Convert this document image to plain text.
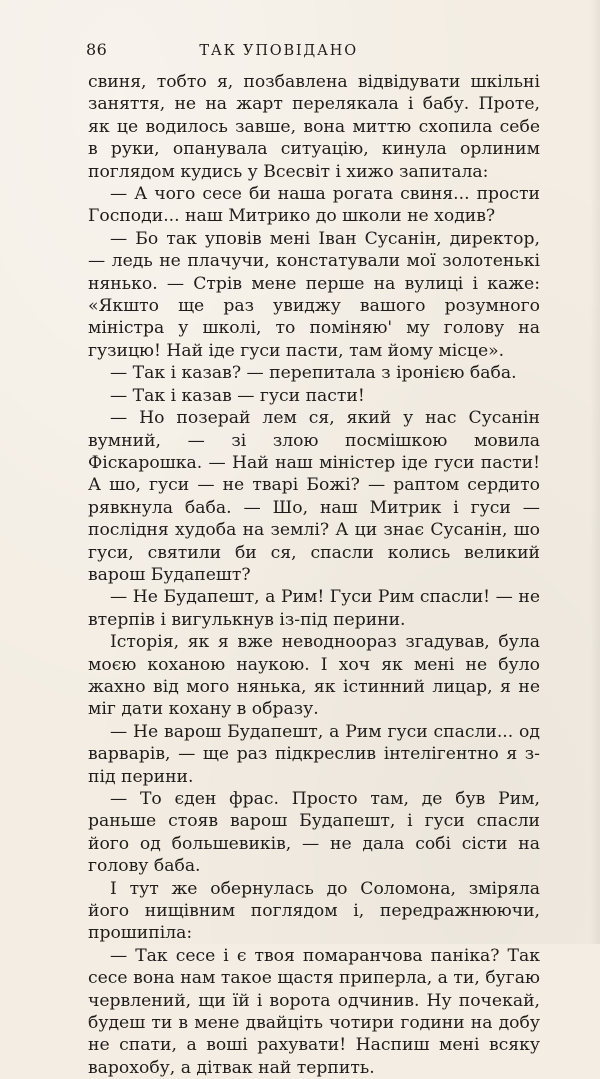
86	ТАК УПОВІДАНО

свиня, тобто я, позбавлена відвідувати шкільні заняття, не на жарт перелякала і бабу. Проте, як це водилось завше, вона миттю схопила себе в руки, опанувала ситуацію, кинула орлиним поглядом кудись у Всесвіт і хижо запитала:

— А чого сесе би наша рогата свиня... прости Господи... наш Митрико до школи не ходив?

— Бо так уповів мені Іван Сусанін, директор, — ледь не плачучи, констатували мої золотенькі нянько. — Стрів мене перше на вулиці і каже: «Якшто ще раз увиджу вашого розумного міністра у школі, то поміняю' му голову на гузицю! Най іде гуси пасти, там йому місце».

— Так і казав? — перепитала з іронією баба.

— Так і казав — гуси пасти!

— Но позерай лем ся, який у нас Сусанін вумний, — зі злою посмішкою мовила Фіскарошка. — Най наш міністер іде гуси пасти! А шо, гуси — не тварі Божі? — раптом сердито рявкнула баба. — Шо, наш Митрик і гуси — послідня худоба на землі? А ци знає Сусанін, шо гуси, святили би ся, спасли колись великий варош Будапешт?

— Не Будапешт, а Рим! Гуси Рим спасли! — не втерпів і вигулькнув із-під перини.

Історія, як я вже неводноораз згадував, була моєю коханою наукою. І хоч як мені не було жахно від мого нянька, як істинний лицар, я не міг дати кохану в образу.

— Не варош Будапешт, а Рим гуси спасли... од варварів, — ще раз підкреслив інтелігентно я з-під перини.

— То єден фрас. Просто там, де був Рим, раньше стояв варош Будапешт, і гуси спасли його од большевиків, — не дала собі сісти на голову баба.

І тут же обернулась до Соломона, зміряла його нищівним поглядом і, передражнюючи, прошипіла:

— Так сесе і є твоя помаранчова паніка? Так сесе вона нам такое щастя приперла, а ти, бугаю червлений, щи їй і ворота одчинив. Ну почекай, будеш ти в мене двайціть чотири години на добу не спати, а воші рахувати! Наспиш мені всяку варохобу, а дітвак най терпить.
